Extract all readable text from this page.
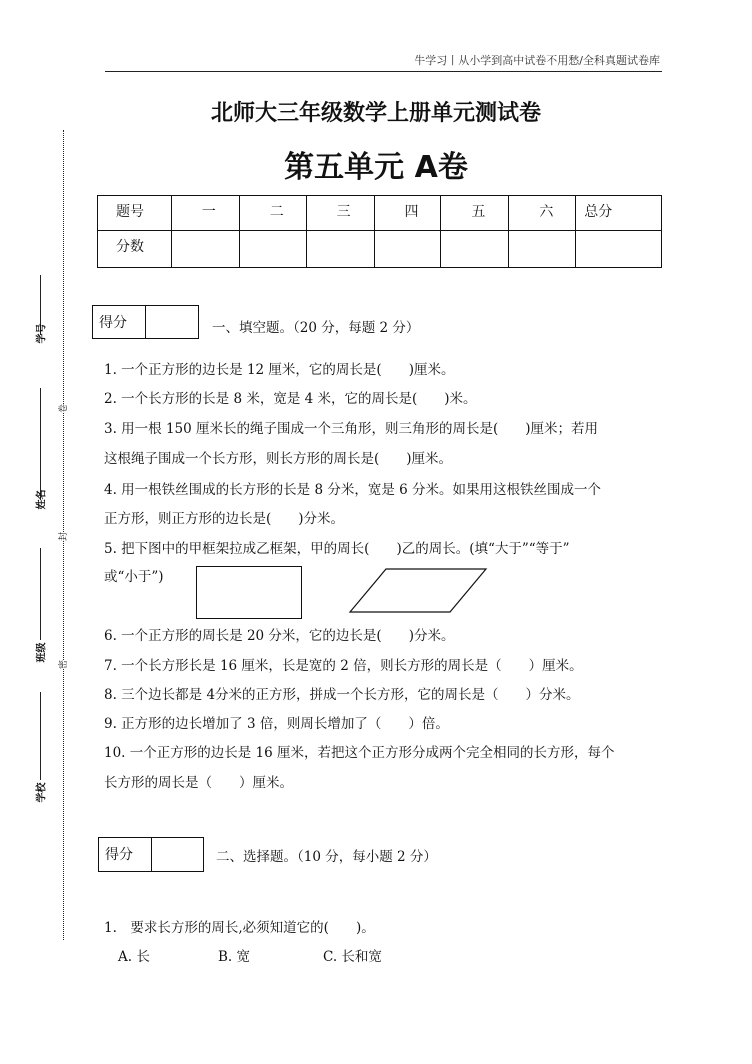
牛学习丨从小学到高中试卷不用愁/全科真题试卷库
北师大三年级数学上册单元测试卷
第五单元 A卷
学号
姓名
班级
学校
卷
封
密
题号	一	二	三	四	五	六	总分
分数							
得分	一、填空题。（20 分，每题 2 分）
1. 一个正方形的边长是 12 厘米，它的周长是(　　)厘米。
2. 一个长方形的长是 8 米，宽是 4 米，它的周长是(　　)米。
3. 用一根 150 厘米长的绳子围成一个三角形，则三角形的周长是(　　)厘米；若用
这根绳子围成一个长方形，则长方形的周长是(　　)厘米。
4. 用一根铁丝围成的长方形的长是 8 分米，宽是 6 分米。如果用这根铁丝围成一个
正方形，则正方形的边长是(　　)分米。
5. 把下图中的甲框架拉成乙框架，甲的周长(　　)乙的周长。(填“大于”“等于”
或“小于”)
6. 一个正方形的周长是 20 分米，它的边长是(　　)分米。
7. 一个长方形长是 16 厘米，长是宽的 2 倍，则长方形的周长是（　　）厘米。
8. 三个边长都是 4分米的正方形，拼成一个长方形，它的周长是（　　）分米。
9. 正方形的边长增加了 3 倍，则周长增加了（　　）倍。
10. 一个正方形的边长是 16 厘米，若把这个正方形分成两个完全相同的长方形，每个
长方形的周长是（　　）厘米。
得分	二、选择题。（10 分，每小题 2 分）
1.　要求长方形的周长,必须知道它的(　　)。
A. 长	B. 宽	C. 长和宽
